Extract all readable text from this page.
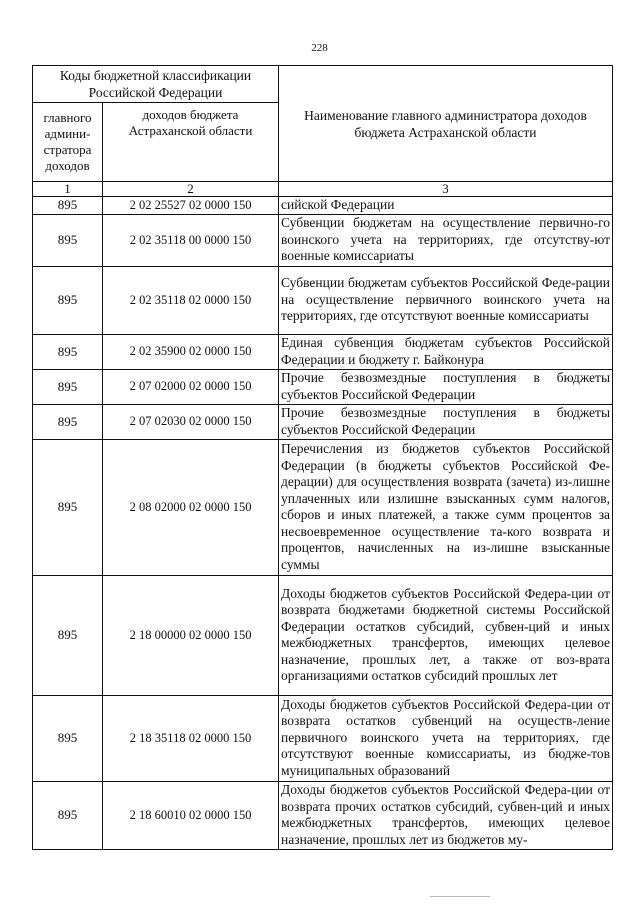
228
Коды бюджетной классификации Российской Федерации		Наименование главного администратора доходов бюджета Астраханской области
главного админи-стратора доходов	доходов бюджета Астраханской области	
1	2	3
895	2 02 25527 02 0000 150	сийской Федерации
895	2 02 35118 00 0000 150	Субвенции бюджетам на осуществление первично-го воинского учета на территориях, где отсутству-ют военные комиссариаты
895	2 02 35118 02 0000 150	Субвенции бюджетам субъектов Российской Феде-рации на осуществление первичного воинского учета на территориях, где отсутствуют военные комиссариаты
895	2 02 35900 02 0000 150	Единая субвенция бюджетам субъектов Российской Федерации и бюджету г. Байконура
895	2 07 02000 02 0000 150	Прочие безвозмездные поступления в бюджеты субъектов Российской Федерации
895	2 07 02030 02 0000 150	Прочие безвозмездные поступления в бюджеты субъектов Российской Федерации
895	2 08 02000 02 0000 150	Перечисления из бюджетов субъектов Российской Федерации (в бюджеты субъектов Российской Фе-дерации) для осуществления возврата (зачета) из-лишне уплаченных или излишне взысканных сумм налогов, сборов и иных платежей, а также сумм процентов за несвоевременное осуществление та-кого возврата и процентов, начисленных на из-лишне взысканные суммы
895	2 18 00000 02 0000 150	Доходы бюджетов субъектов Российской Федера-ции от возврата бюджетами бюджетной системы Российской Федерации остатков субсидий, субвен-ций и иных межбюджетных трансфертов, имеющих целевое назначение, прошлых лет, а также от воз-врата организациями остатков субсидий прошлых лет
895	2 18 35118 02 0000 150	Доходы бюджетов субъектов Российской Федера-ции от возврата остатков субвенций на осуществ-ление первичного воинского учета на территориях, где отсутствуют военные комиссариаты, из бюдже-тов муниципальных образований
895	2 18 60010 02 0000 150	Доходы бюджетов субъектов Российской Федера-ции от возврата прочих остатков субсидий, субвен-ций и иных межбюджетных трансфертов, имеющих целевое назначение, прошлых лет из бюджетов му-
